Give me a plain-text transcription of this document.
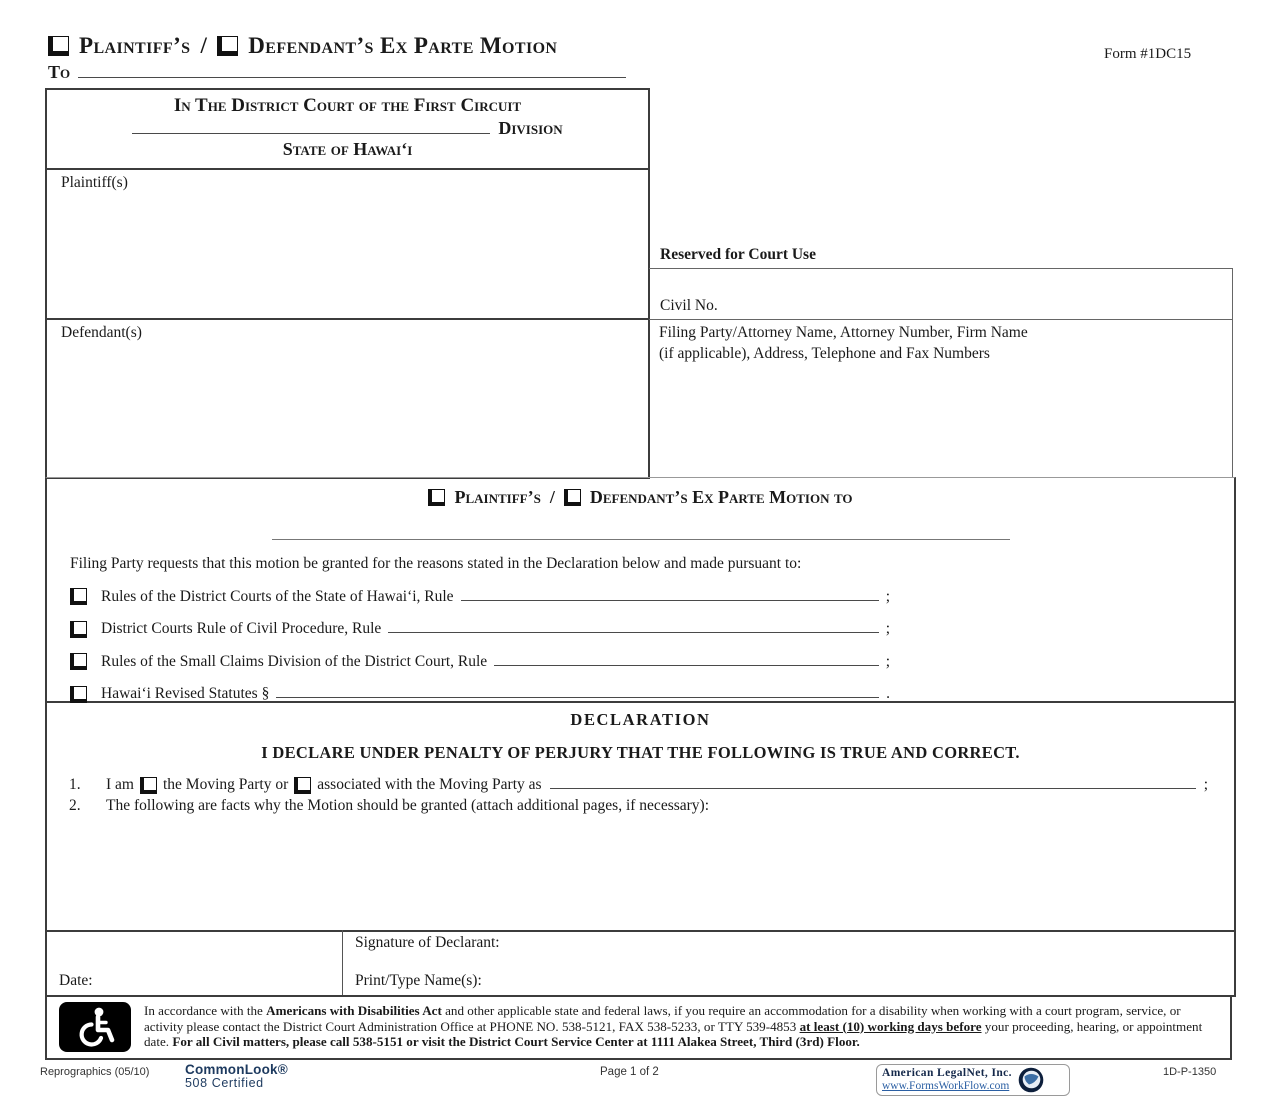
Plaintiff’s / Defendant’s Ex Parte Motion	Form #1DC15
To
In The District Court of the First Circuit
Division
State of Hawaiʻi
Plaintiff(s)
Defendant(s)
Reserved for Court Use
Civil No.
Filing Party/Attorney Name, Attorney Number, Firm Name
(if applicable), Address, Telephone and Fax Numbers
Plaintiff’s / Defendant’s Ex Parte Motion to
Filing Party requests that this motion be granted for the reasons stated in the Declaration below and made pursuant to:
Rules of the District Courts of the State of Hawaiʻi, Rule	;
District Courts Rule of Civil Procedure, Rule	;
Rules of the Small Claims Division of the District Court, Rule	;
Hawaiʻi Revised Statutes §	.
DECLARATION
I DECLARE UNDER PENALTY OF PERJURY THAT THE FOLLOWING IS TRUE AND CORRECT.
1.	I am the Moving Party or associated with the Moving Party as	;
2.	The following are facts why the Motion should be granted (attach additional pages, if necessary):
Date:
Signature of Declarant:
Print/Type Name(s):
In accordance with the Americans with Disabilities Act and other applicable state and federal laws, if you require an accommodation for a disability when working with a court program, service, or activity please contact the District Court Administration Office at PHONE NO. 538-5121, FAX 538-5233, or TTY 539-4853 at least (10) working days before your proceeding, hearing, or appointment date. For all Civil matters, please call 538-5151 or visit the District Court Service Center at 1111 Alakea Street, Third (3rd) Floor.
Reprographics (05/10)	CommonLook®
508 Certified
Page 1 of 2	American LegalNet, Inc.
www.FormsWorkFlow.com
1D-P-1350
